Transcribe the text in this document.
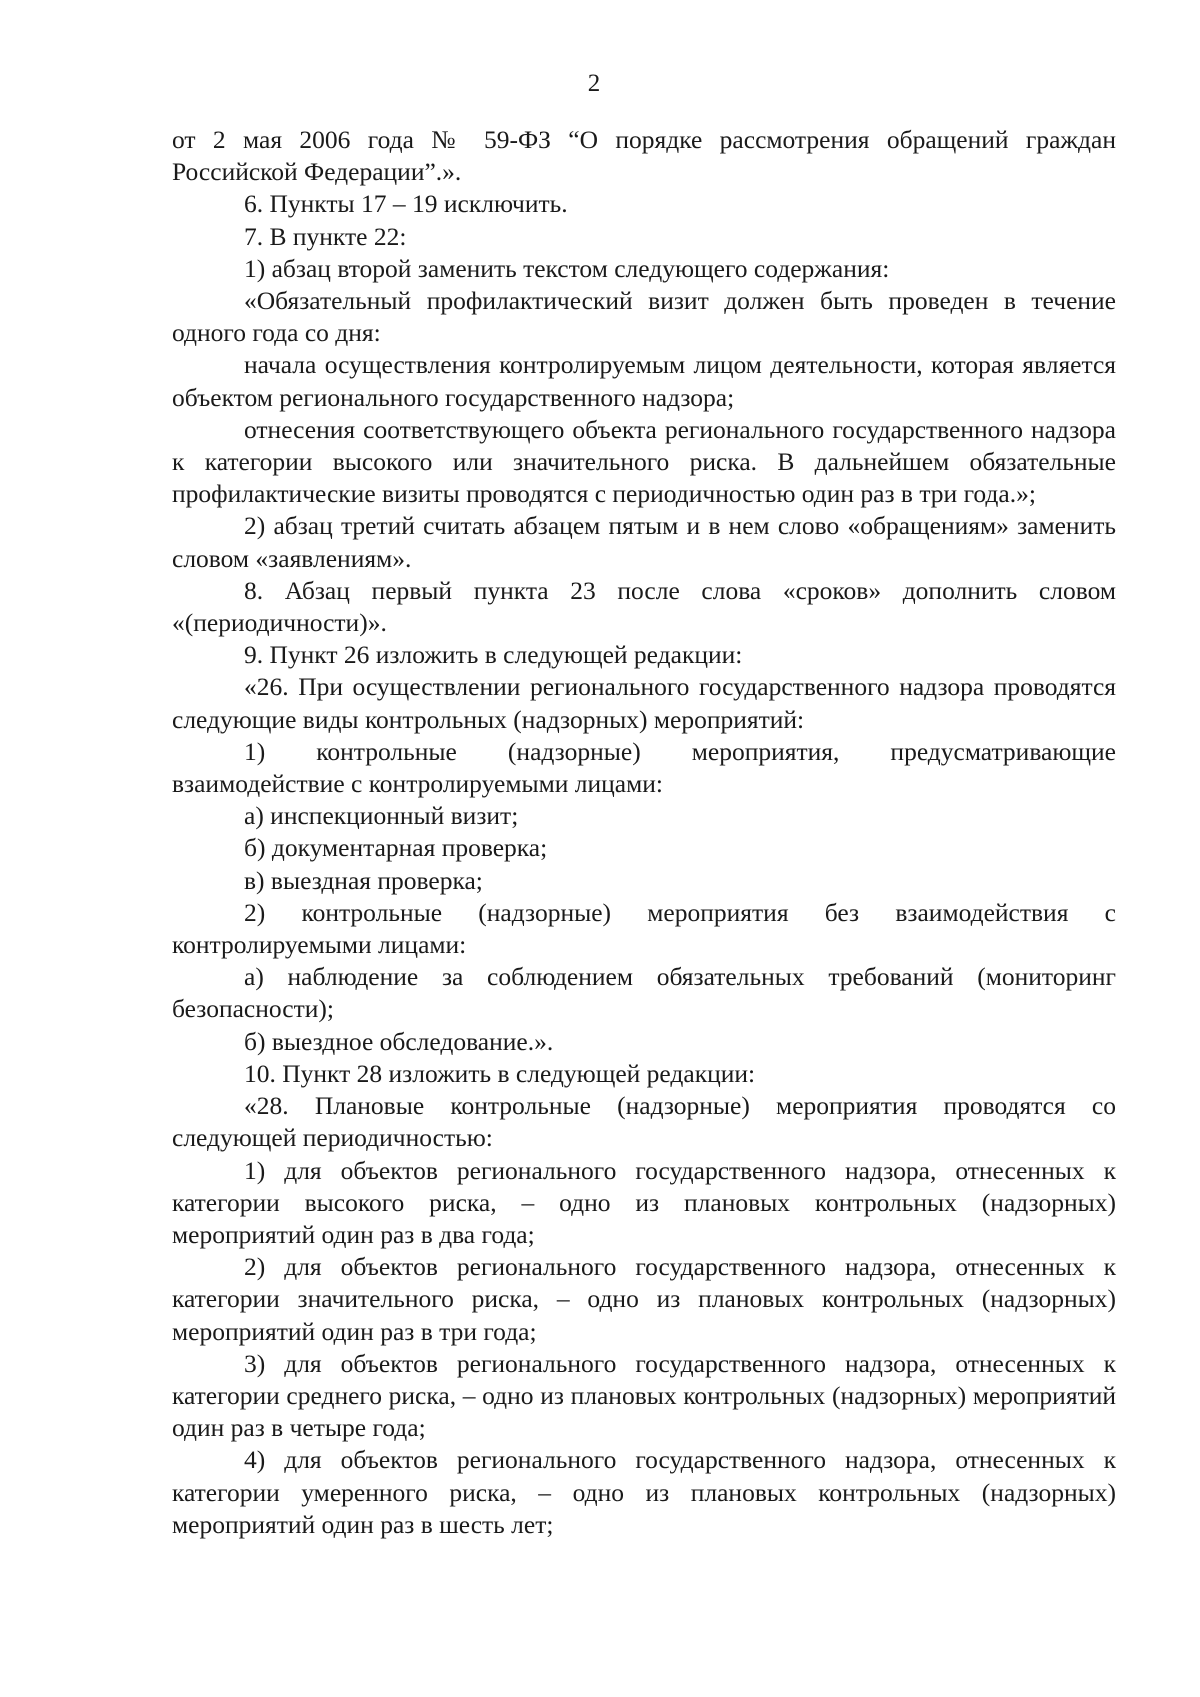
2

от 2 мая 2006 года № 59-ФЗ “О порядке рассмотрения обращений граждан Российской Федерации”.».

6. Пункты 17 – 19 исключить.

7. В пункте 22:

1) абзац второй заменить текстом следующего содержания:

«Обязательный профилактический визит должен быть проведен в течение одного года со дня:

начала осуществления контролируемым лицом деятельности, которая является объектом регионального государственного надзора;

отнесения соответствующего объекта регионального государственного надзора к категории высокого или значительного риска. В дальнейшем обязательные профилактические визиты проводятся с периодичностью один раз в три года.»;

2) абзац третий считать абзацем пятым и в нем слово «обращениям» заменить словом «заявлениям».

8. Абзац первый пункта 23 после слова «сроков» дополнить словом «(периодичности)».

9. Пункт 26 изложить в следующей редакции:

«26. При осуществлении регионального государственного надзора проводятся следующие виды контрольных (надзорных) мероприятий:

1) контрольные (надзорные) мероприятия, предусматривающие взаимодействие с контролируемыми лицами:

а) инспекционный визит;

б) документарная проверка;

в) выездная проверка;

2) контрольные (надзорные) мероприятия без взаимодействия с контролируемыми лицами:

а) наблюдение за соблюдением обязательных требований (мониторинг безопасности);

б) выездное обследование.».

10. Пункт 28 изложить в следующей редакции:

«28. Плановые контрольные (надзорные) мероприятия проводятся со следующей периодичностью:

1) для объектов регионального государственного надзора, отнесенных к категории высокого риска, – одно из плановых контрольных (надзорных) мероприятий один раз в два года;

2) для объектов регионального государственного надзора, отнесенных к категории значительного риска, – одно из плановых контрольных (надзорных) мероприятий один раз в три года;

3) для объектов регионального государственного надзора, отнесенных к категории среднего риска, – одно из плановых контрольных (надзорных) мероприятий один раз в четыре года;

4) для объектов регионального государственного надзора, отнесенных к категории умеренного риска, – одно из плановых контрольных (надзорных) мероприятий один раз в шесть лет;
